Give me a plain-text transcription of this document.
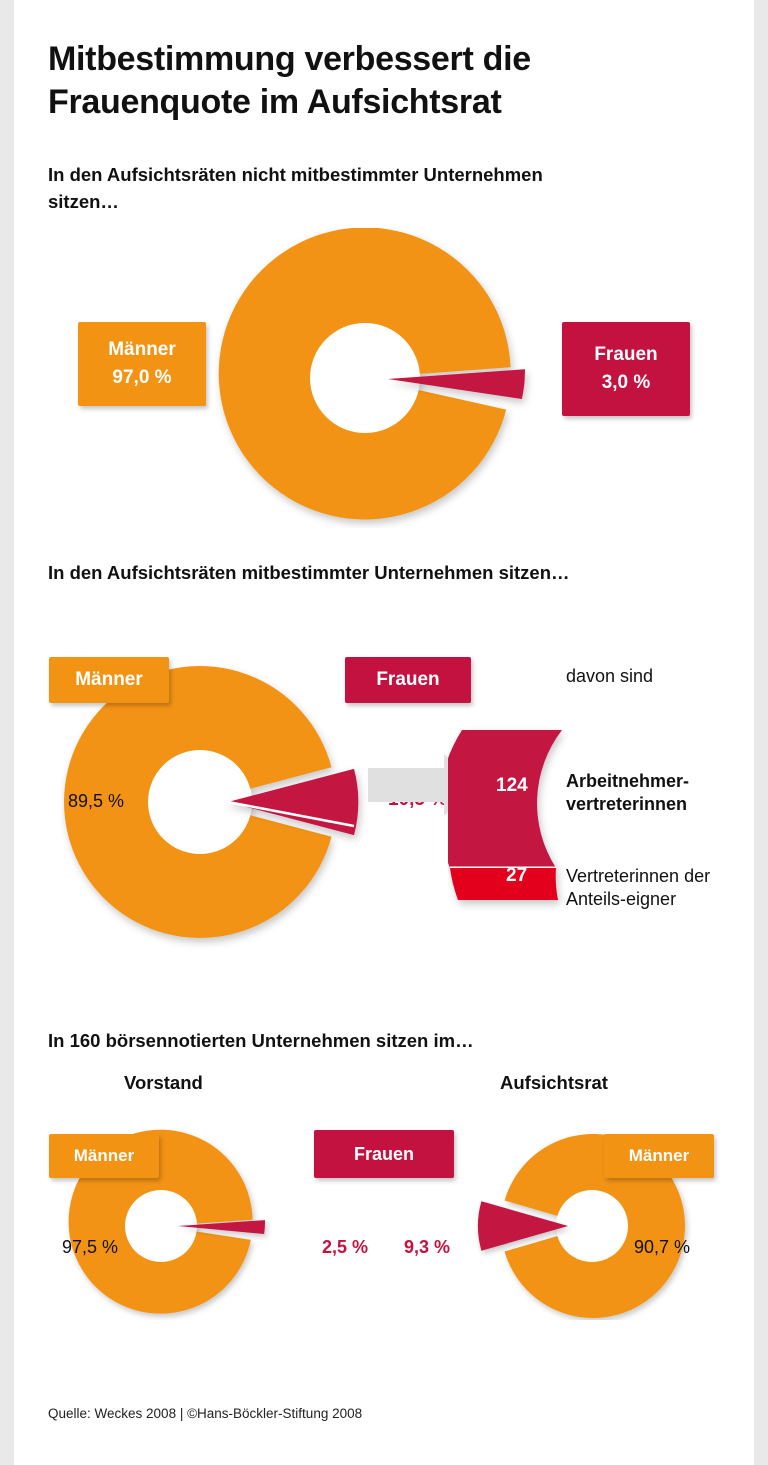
Mitbestimmung verbessert die Frauenquote im Aufsichtsrat
In den Aufsichtsräten nicht mitbestimmter Unternehmen sitzen…
Männer
97,0 %
Frauen
3,0 %
In den Aufsichtsräten mitbestimmter Unternehmen sitzen…
Männer	Frauen
89,5 %
davon sind
124
27
Arbeitnehmer-vertreterinnen
Vertreterinnen der Anteils-eigner
In 160 börsennotierten Unternehmen sitzen im…
Vorstand	Aufsichtsrat
Männer	Frauen	Männer
97,5 %	2,5 % 9,3 %	90,7 %
Quelle: Weckes 2008 | ©Hans-Böckler-Stiftung 2008
